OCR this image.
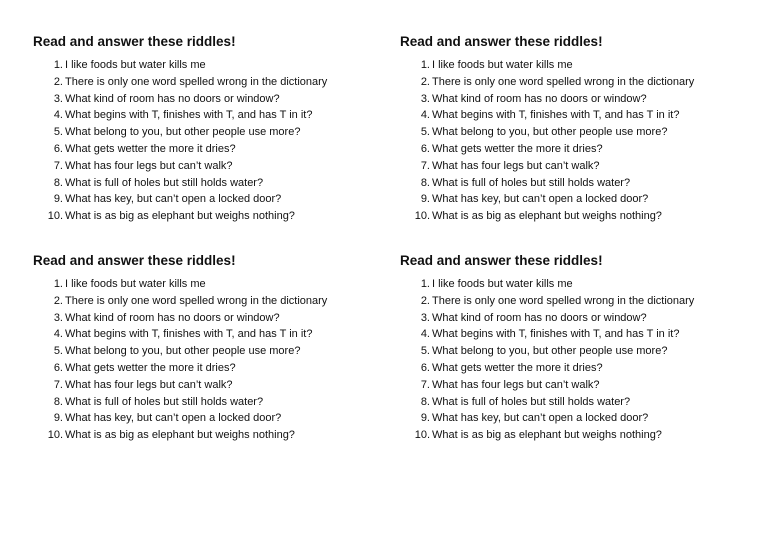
Read and answer these riddles!
1. I like foods but water kills me
2. There is only one word spelled wrong in the dictionary
3. What kind of room has no doors or window?
4. What begins with T, finishes with T, and has T in it?
5. What belong to you, but other people use more?
6. What gets wetter the more it dries?
7. What has four legs but can’t walk?
8. What is full of holes but still holds water?
9. What has key, but can’t open a locked door?
10. What is as big as elephant but weighs nothing?
Read and answer these riddles!
1. I like foods but water kills me
2. There is only one word spelled wrong in the dictionary
3. What kind of room has no doors or window?
4. What begins with T, finishes with T, and has T in it?
5. What belong to you, but other people use more?
6. What gets wetter the more it dries?
7. What has four legs but can’t walk?
8. What is full of holes but still holds water?
9. What has key, but can’t open a locked door?
10. What is as big as elephant but weighs nothing?
Read and answer these riddles!
1. I like foods but water kills me
2. There is only one word spelled wrong in the dictionary
3. What kind of room has no doors or window?
4. What begins with T, finishes with T, and has T in it?
5. What belong to you, but other people use more?
6. What gets wetter the more it dries?
7. What has four legs but can’t walk?
8. What is full of holes but still holds water?
9. What has key, but can’t open a locked door?
10. What is as big as elephant but weighs nothing?
Read and answer these riddles!
1. I like foods but water kills me
2. There is only one word spelled wrong in the dictionary
3. What kind of room has no doors or window?
4. What begins with T, finishes with T, and has T in it?
5. What belong to you, but other people use more?
6. What gets wetter the more it dries?
7. What has four legs but can’t walk?
8. What is full of holes but still holds water?
9. What has key, but can’t open a locked door?
10. What is as big as elephant but weighs nothing?
